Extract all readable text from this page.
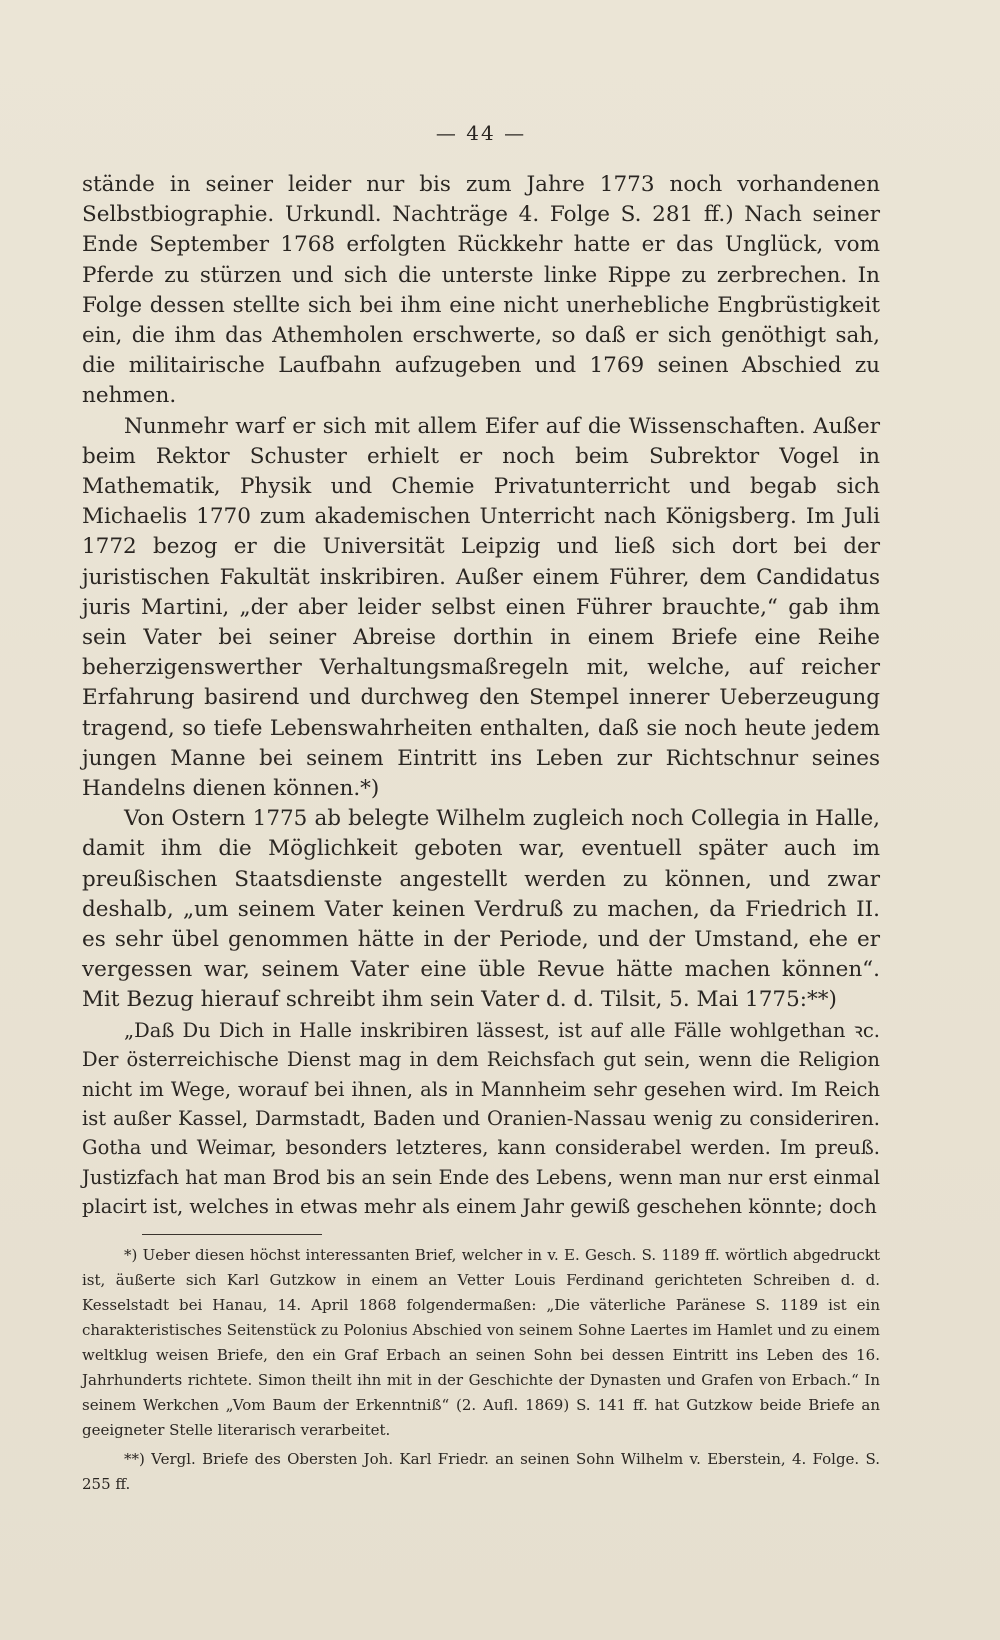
— 44 —

stände in seiner leider nur bis zum Jahre 1773 noch vorhandenen Selbstbiographie. Urkundl. Nachträge 4. Folge S. 281 ff.) Nach seiner Ende September 1768 erfolgten Rückkehr hatte er das Unglück, vom Pferde zu stürzen und sich die unterste linke Rippe zu zerbrechen. In Folge dessen stellte sich bei ihm eine nicht unerhebliche Engbrüstigkeit ein, die ihm das Athemholen erschwerte, so daß er sich genöthigt sah, die militairische Laufbahn aufzugeben und 1769 seinen Abschied zu nehmen.

Nunmehr warf er sich mit allem Eifer auf die Wissenschaften. Außer beim Rektor Schuster erhielt er noch beim Subrektor Vogel in Mathematik, Physik und Chemie Privatunterricht und begab sich Michaelis 1770 zum akademischen Unterricht nach Königsberg. Im Juli 1772 bezog er die Universität Leipzig und ließ sich dort bei der juristischen Fakultät inskribiren. Außer einem Führer, dem Candidatus juris Martini, „der aber leider selbst einen Führer brauchte,“ gab ihm sein Vater bei seiner Abreise dorthin in einem Briefe eine Reihe beherzigenswerther Verhaltungsmaßregeln mit, welche, auf reicher Erfahrung basirend und durchweg den Stempel innerer Ueberzeugung tragend, so tiefe Lebenswahrheiten enthalten, daß sie noch heute jedem jungen Manne bei seinem Eintritt ins Leben zur Richtschnur seines Handelns dienen können.*)

Von Ostern 1775 ab belegte Wilhelm zugleich noch Collegia in Halle, damit ihm die Möglichkeit geboten war, eventuell später auch im preußischen Staatsdienste angestellt werden zu können, und zwar deshalb, „um seinem Vater keinen Verdruß zu machen, da Friedrich II. es sehr übel genommen hätte in der Periode, und der Umstand, ehe er vergessen war, seinem Vater eine üble Revue hätte machen können“. Mit Bezug hierauf schreibt ihm sein Vater d. d. Tilsit, 5. Mai 1775:**)

„Daß Du Dich in Halle inskribiren lässest, ist auf alle Fälle wohlgethan ꝛc. Der österreichische Dienst mag in dem Reichsfach gut sein, wenn die Religion nicht im Wege, worauf bei ihnen, als in Mannheim sehr gesehen wird. Im Reich ist außer Kassel, Darmstadt, Baden und Oranien-Nassau wenig zu consideriren. Gotha und Weimar, besonders letzteres, kann considerabel werden. Im preuß. Justizfach hat man Brod bis an sein Ende des Lebens, wenn man nur erst einmal placirt ist, welches in etwas mehr als einem Jahr gewiß geschehen könnte; doch

*) Ueber diesen höchst interessanten Brief, welcher in v. E. Gesch. S. 1189 ff. wörtlich abgedruckt ist, äußerte sich Karl Gutzkow in einem an Vetter Louis Ferdinand gerichteten Schreiben d. d. Kesselstadt bei Hanau, 14. April 1868 folgendermaßen: „Die väterliche Paränese S. 1189 ist ein charakteristisches Seitenstück zu Polonius Abschied von seinem Sohne Laertes im Hamlet und zu einem weltklug weisen Briefe, den ein Graf Erbach an seinen Sohn bei dessen Eintritt ins Leben des 16. Jahrhunderts richtete. Simon theilt ihn mit in der Geschichte der Dynasten und Grafen von Erbach.“ In seinem Werkchen „Vom Baum der Erkenntniß“ (2. Aufl. 1869) S. 141 ff. hat Gutzkow beide Briefe an geeigneter Stelle literarisch verarbeitet.

**) Vergl. Briefe des Obersten Joh. Karl Friedr. an seinen Sohn Wilhelm v. Eberstein, 4. Folge. S. 255 ff.
